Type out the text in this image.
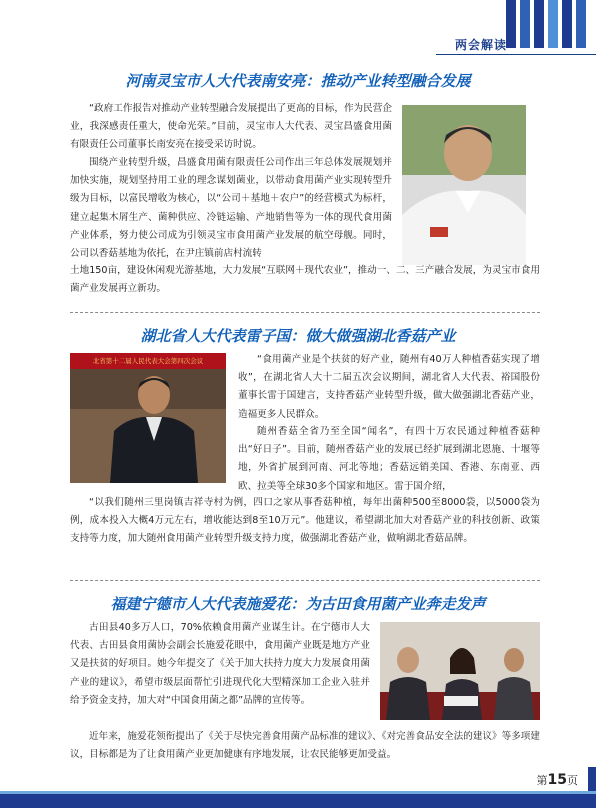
两会解读
河南灵宝市人大代表南安亮：推动产业转型融合发展

“政府工作报告对推动产业转型融合发展提出了更高的目标，作为民营企业，我深感责任重大，使命光荣。”目前，灵宝市人大代表、灵宝昌盛食用菌有限责任公司董事长南安亮在接受采访时说。

围绕产业转型升级，昌盛食用菌有限责任公司作出三年总体发展规划并加快实施，规划坚持用工业的理念谋划菌业，以带动食用菌产业实现转型升级为目标，以富民增收为核心，以“公司＋基地＋农户”的经营模式为标杆，建立起集木屑生产、菌种供应、冷链运输、产地销售等为一体的现代食用菌产业体系，努力使公司成为引领灵宝市食用菌产业发展的航空母舰。同时，公司以香菇基地为依托，在尹庄镇前店村流转

土地150亩，建设休闲观光游基地，大力发展“互联网＋现代农业”，推动一、二、三产融合发展，为灵宝市食用菌产业发展再立新功。

湖北省人大代表雷子国：做大做强湖北香菇产业
北省第十二届人民代表大会第四次会议	“食用菌产业是个扶贫的好产业，随州有40万人种植香菇实现了增收”，在湖北省人大十二届五次会议期间，湖北省人大代表、裕国股份董事长雷于国建言，支持香菇产业转型升级，做大做强湖北香菇产业，造福更多人民群众。

随州香菇全省乃至全国“闻名”，有四十万农民通过种植香菇种出“好日子”。目前，随州香菇产业的发展已经扩展到湖北恩施、十堰等地，外省扩展到河南、河北等地；香菇远销美国、香港、东南亚、西欧、拉美等全球30多个国家和地区。雷于国介绍，

“以我们随州三里岗镇吉祥寺村为例，四口之家从事香菇种植，每年出菌种500至8000袋，以5000袋为例，成本投入大概4万元左右，增收能达到8至10万元”。他建议，希望湖北加大对香菇产业的科技创新、政策支持等力度，加大随州食用菌产业转型升级支持力度，做强湖北香菇产业，做响湖北香菇品牌。

福建宁德市人大代表施爱花：为古田食用菌产业奔走发声

古田县40多万人口，70%依赖食用菌产业谋生计。在宁德市人大代表、古田县食用菌协会副会长施爱花眼中，食用菌产业既是地方产业又是扶贫的好项目。她今年提交了《关于加大扶持力度大力发展食用菌产业的建议》，希望市级层面帮忙引进现代化大型精深加工企业入驻并给予资金支持，加大对“中国食用菌之都”品牌的宣传等。

近年来，施爱花领衔提出了《关于尽快完善食用菌产品标准的建议》、《对完善食品安全法的建议》等多项建议，目标都是为了让食用菌产业更加健康有序地发展，让农民能够更加受益。

第15页
